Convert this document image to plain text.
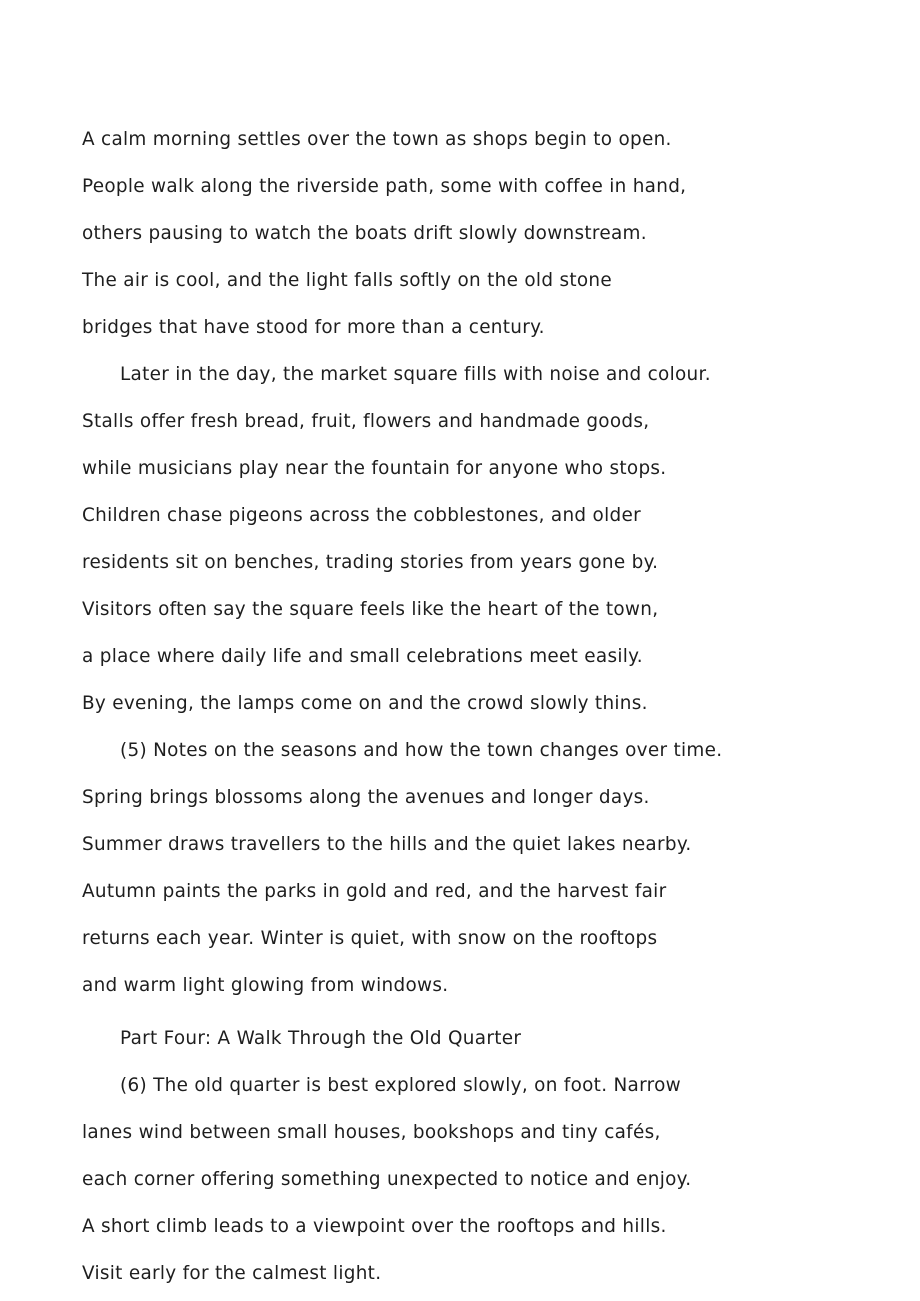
A calm morning settles over the town as shops begin to open.
People walk along the riverside path, some with coffee in hand,
others pausing to watch the boats drift slowly downstream.
The air is cool, and the light falls softly on the old stone
bridges that have stood for more than a century.
Later in the day, the market square fills with noise and colour.
Stalls offer fresh bread, fruit, flowers and handmade goods,
while musicians play near the fountain for anyone who stops.
Children chase pigeons across the cobblestones, and older
residents sit on benches, trading stories from years gone by.
Visitors often say the square feels like the heart of the town,
a place where daily life and small celebrations meet easily.
By evening, the lamps come on and the crowd slowly thins.
(5) Notes on the seasons and how the town changes over time.
Spring brings blossoms along the avenues and longer days.
Summer draws travellers to the hills and the quiet lakes nearby.
Autumn paints the parks in gold and red, and the harvest fair
returns each year. Winter is quiet, with snow on the rooftops
and warm light glowing from windows.
Part Four: A Walk Through the Old Quarter
(6) The old quarter is best explored slowly, on foot. Narrow
lanes wind between small houses, bookshops and tiny cafés,
each corner offering something unexpected to notice and enjoy.
A short climb leads to a viewpoint over the rooftops and hills.
Visit early for the calmest light.
